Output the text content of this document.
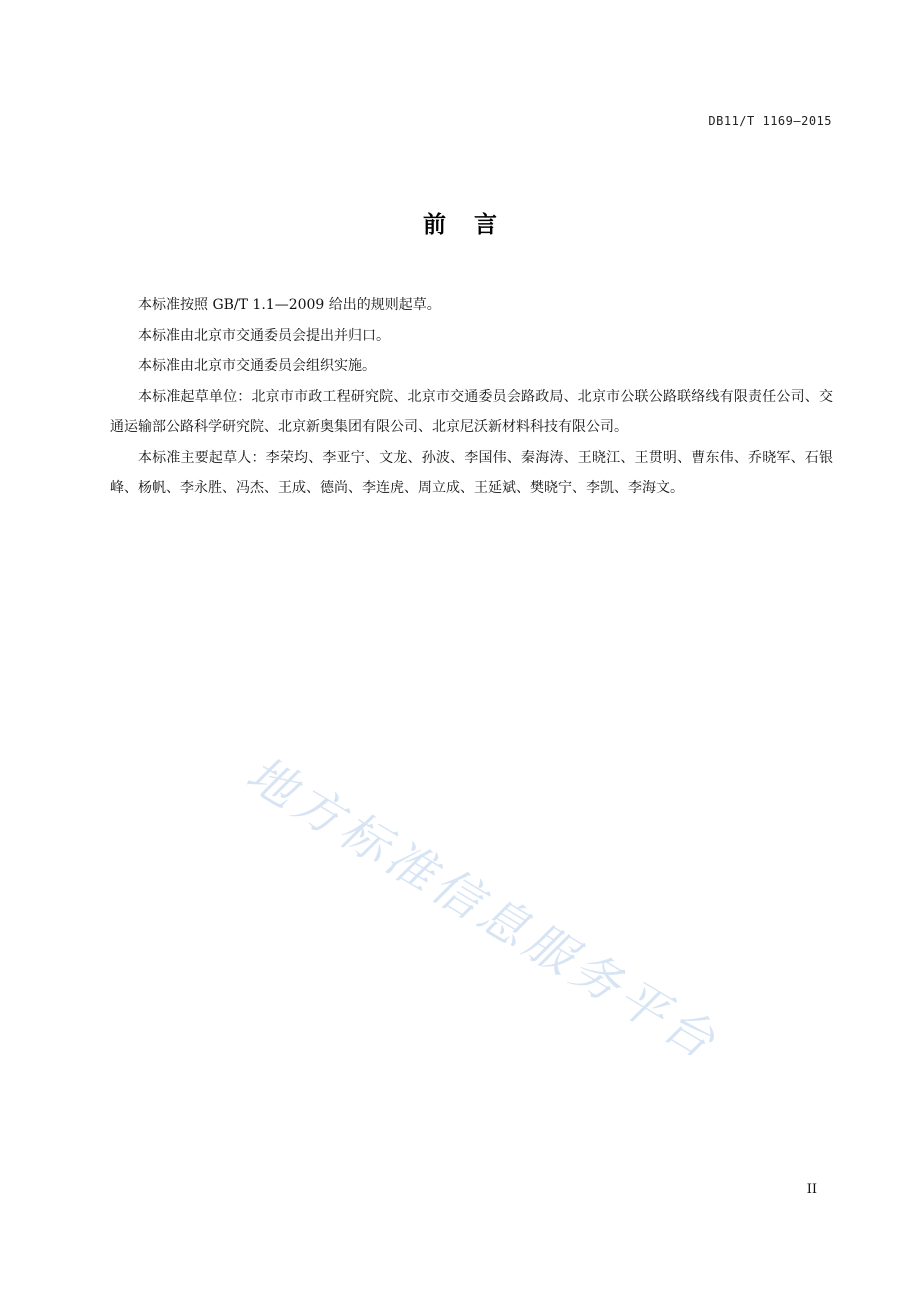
DB11/T 1169—2015
前言

本标准按照 GB/T 1.1—2009 给出的规则起草。

本标准由北京市交通委员会提出并归口。

本标准由北京市交通委员会组织实施。

本标准起草单位：北京市市政工程研究院、北京市交通委员会路政局、北京市公联公路联络线有限责任公司、交通运输部公路科学研究院、北京新奥集团有限公司、北京尼沃新材料科技有限公司。

本标准主要起草人：李荣均、李亚宁、文龙、孙波、李国伟、秦海涛、王晓江、王贯明、曹东伟、乔晓军、石银峰、杨帆、李永胜、冯杰、王成、德尚、李连虎、周立成、王延斌、樊晓宁、李凯、李海文。

地方标准信息服务平台
II
